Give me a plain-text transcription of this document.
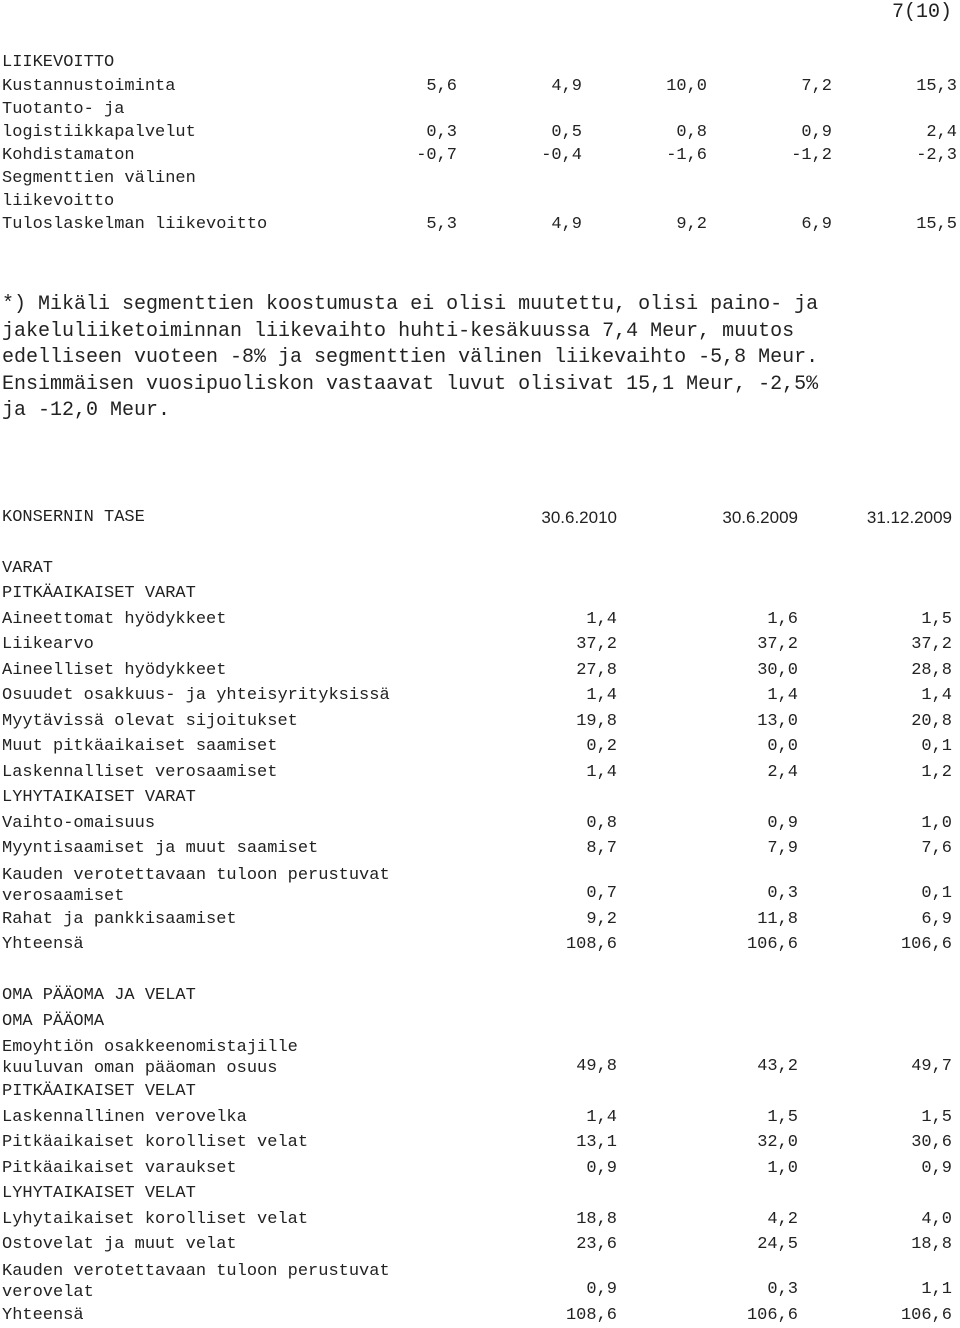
7(10)
LIIKEVOITTO
Kustannustoiminta	5,6	4,9	10,0	7,2	15,3
Tuotanto- ja
logistiikkapalvelut	0,3	0,5	0,8	0,9	2,4
Kohdistamaton	-0,7	-0,4	-1,6	-1,2	-2,3
Segmenttien välinen
liikevoitto
Tuloslaskelman liikevoitto	5,3	4,9	9,2	6,9	15,5
*) Mikäli segmenttien koostumusta ei olisi muutettu, olisi paino- ja
jakeluliiketoiminnan liikevaihto huhti-kesäkuussa 7,4 Meur, muutos
edelliseen vuoteen -8% ja segmenttien välinen liikevaihto -5,8 Meur.
Ensimmäisen vuosipuoliskon vastaavat luvut olisivat 15,1 Meur, -2,5%
ja -12,0 Meur.
KONSERNIN TASE	30.6.2010	30.6.2009	31.12.2009
VARAT
PITKÄAIKAISET VARAT
Aineettomat hyödykkeet	1,4	1,6	1,5
Liikearvo	37,2	37,2	37,2
Aineelliset hyödykkeet	27,8	30,0	28,8
Osuudet osakkuus- ja yhteisyrityksissä	1,4	1,4	1,4
Myytävissä olevat sijoitukset	19,8	13,0	20,8
Muut pitkäaikaiset saamiset	0,2	0,0	0,1
Laskennalliset verosaamiset	1,4	2,4	1,2
LYHYTAIKAISET VARAT
Vaihto-omaisuus	0,8	0,9	1,0
Myyntisaamiset ja muut saamiset	8,7	7,9	7,6
Kauden verotettavaan tuloon perustuvat
verosaamiset	0,7	0,3	0,1
Rahat ja pankkisaamiset	9,2	11,8	6,9
Yhteensä	108,6	106,6	106,6
OMA PÄÄOMA JA VELAT
OMA PÄÄOMA
Emoyhtiön osakkeenomistajille
kuuluvan oman pääoman osuus	49,8	43,2	49,7
PITKÄAIKAISET VELAT
Laskennallinen verovelka	1,4	1,5	1,5
Pitkäaikaiset korolliset velat	13,1	32,0	30,6
Pitkäaikaiset varaukset	0,9	1,0	0,9
LYHYTAIKAISET VELAT
Lyhytaikaiset korolliset velat	18,8	4,2	4,0
Ostovelat ja muut velat	23,6	24,5	18,8
Kauden verotettavaan tuloon perustuvat
verovelat	0,9	0,3	1,1
Yhteensä	108,6	106,6	106,6
